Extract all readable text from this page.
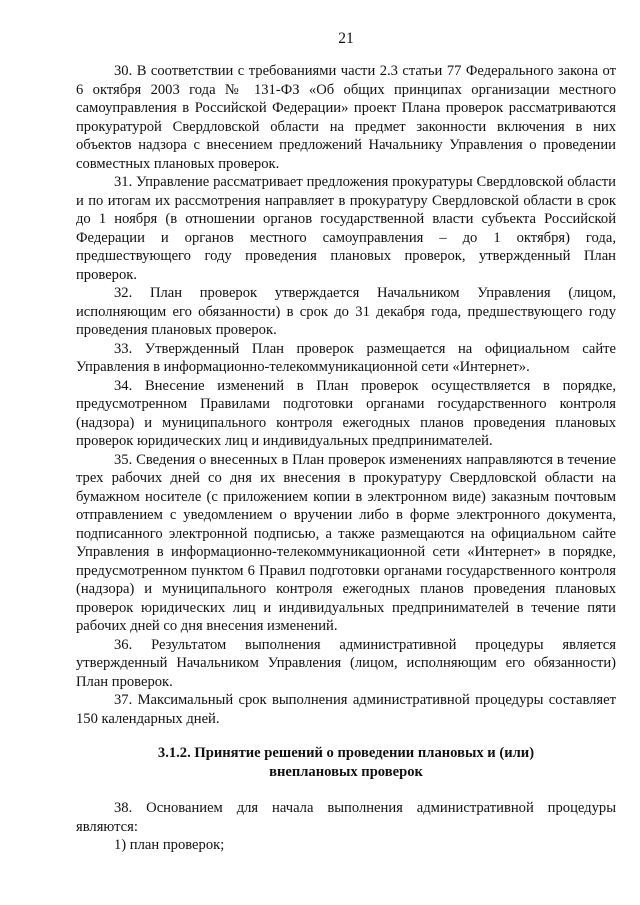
21

30. В соответствии с требованиями части 2.3 статьи 77 Федерального закона от 6 октября 2003 года № 131-ФЗ «Об общих принципах организации местного самоуправления в Российской Федерации» проект Плана проверок рассматриваются прокуратурой Свердловской области на предмет законности включения в них объектов надзора с внесением предложений Начальнику Управления о проведении совместных плановых проверок.

31. Управление рассматривает предложения прокуратуры Свердловской области и по итогам их рассмотрения направляет в прокуратуру Свердловской области в срок до 1 ноября (в отношении органов государственной власти субъекта Российской Федерации и органов местного самоуправления – до 1 октября) года, предшествующего году проведения плановых проверок, утвержденный План проверок.

32. План проверок утверждается Начальником Управления (лицом, исполняющим его обязанности) в срок до 31 декабря года, предшествующего году проведения плановых проверок.

33. Утвержденный План проверок размещается на официальном сайте Управления в информационно-телекоммуникационной сети «Интернет».

34. Внесение изменений в План проверок осуществляется в порядке, предусмотренном Правилами подготовки органами государственного контроля (надзора) и муниципального контроля ежегодных планов проведения плановых проверок юридических лиц и индивидуальных предпринимателей.

35. Сведения о внесенных в План проверок изменениях направляются в течение трех рабочих дней со дня их внесения в прокуратуру Свердловской области на бумажном носителе (с приложением копии в электронном виде) заказным почтовым отправлением с уведомлением о вручении либо в форме электронного документа, подписанного электронной подписью, а также размещаются на официальном сайте Управления в информационно-телекоммуникационной сети «Интернет» в порядке, предусмотренном пунктом 6 Правил подготовки органами государственного контроля (надзора) и муниципального контроля ежегодных планов проведения плановых проверок юридических лиц и индивидуальных предпринимателей в течение пяти рабочих дней со дня внесения изменений.

36. Результатом выполнения административной процедуры является утвержденный Начальником Управления (лицом, исполняющим его обязанности) План проверок.

37. Максимальный срок выполнения административной процедуры составляет 150 календарных дней.

3.1.2. Принятие решений о проведении плановых и (или)
внеплановых проверок

38. Основанием для начала выполнения административной процедуры являются:

1) план проверок;
